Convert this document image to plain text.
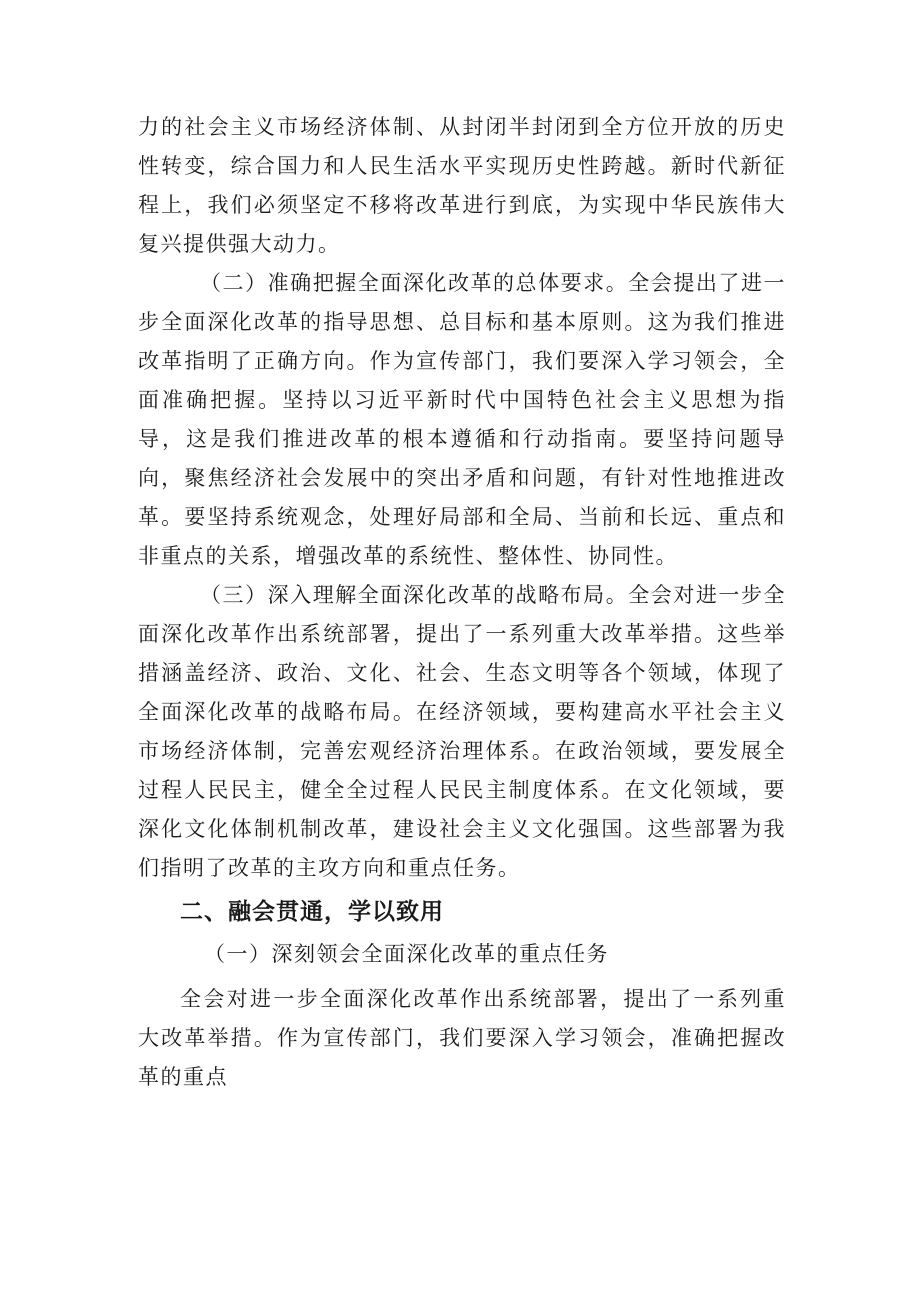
力的社会主义市场经济体制、从封闭半封闭到全方位开放的历史性转变，综合国力和人民生活水平实现历史性跨越。新时代新征程上，我们必须坚定不移将改革进行到底，为实现中华民族伟大复兴提供强大动力。

（二）准确把握全面深化改革的总体要求。全会提出了进一步全面深化改革的指导思想、总目标和基本原则。这为我们推进改革指明了正确方向。作为宣传部门，我们要深入学习领会，全面准确把握。坚持以习近平新时代中国特色社会主义思想为指导，这是我们推进改革的根本遵循和行动指南。要坚持问题导向，聚焦经济社会发展中的突出矛盾和问题，有针对性地推进改革。要坚持系统观念，处理好局部和全局、当前和长远、重点和非重点的关系，增强改革的系统性、整体性、协同性。

（三）深入理解全面深化改革的战略布局。全会对进一步全面深化改革作出系统部署，提出了一系列重大改革举措。这些举措涵盖经济、政治、文化、社会、生态文明等各个领域，体现了全面深化改革的战略布局。在经济领域，要构建高水平社会主义市场经济体制，完善宏观经济治理体系。在政治领域，要发展全过程人民民主，健全全过程人民民主制度体系。在文化领域，要深化文化体制机制改革，建设社会主义文化强国。这些部署为我们指明了改革的主攻方向和重点任务。

二、融会贯通，学以致用

（一）深刻领会全面深化改革的重点任务

全会对进一步全面深化改革作出系统部署，提出了一系列重大改革举措。作为宣传部门，我们要深入学习领会，准确把握改革的重点
